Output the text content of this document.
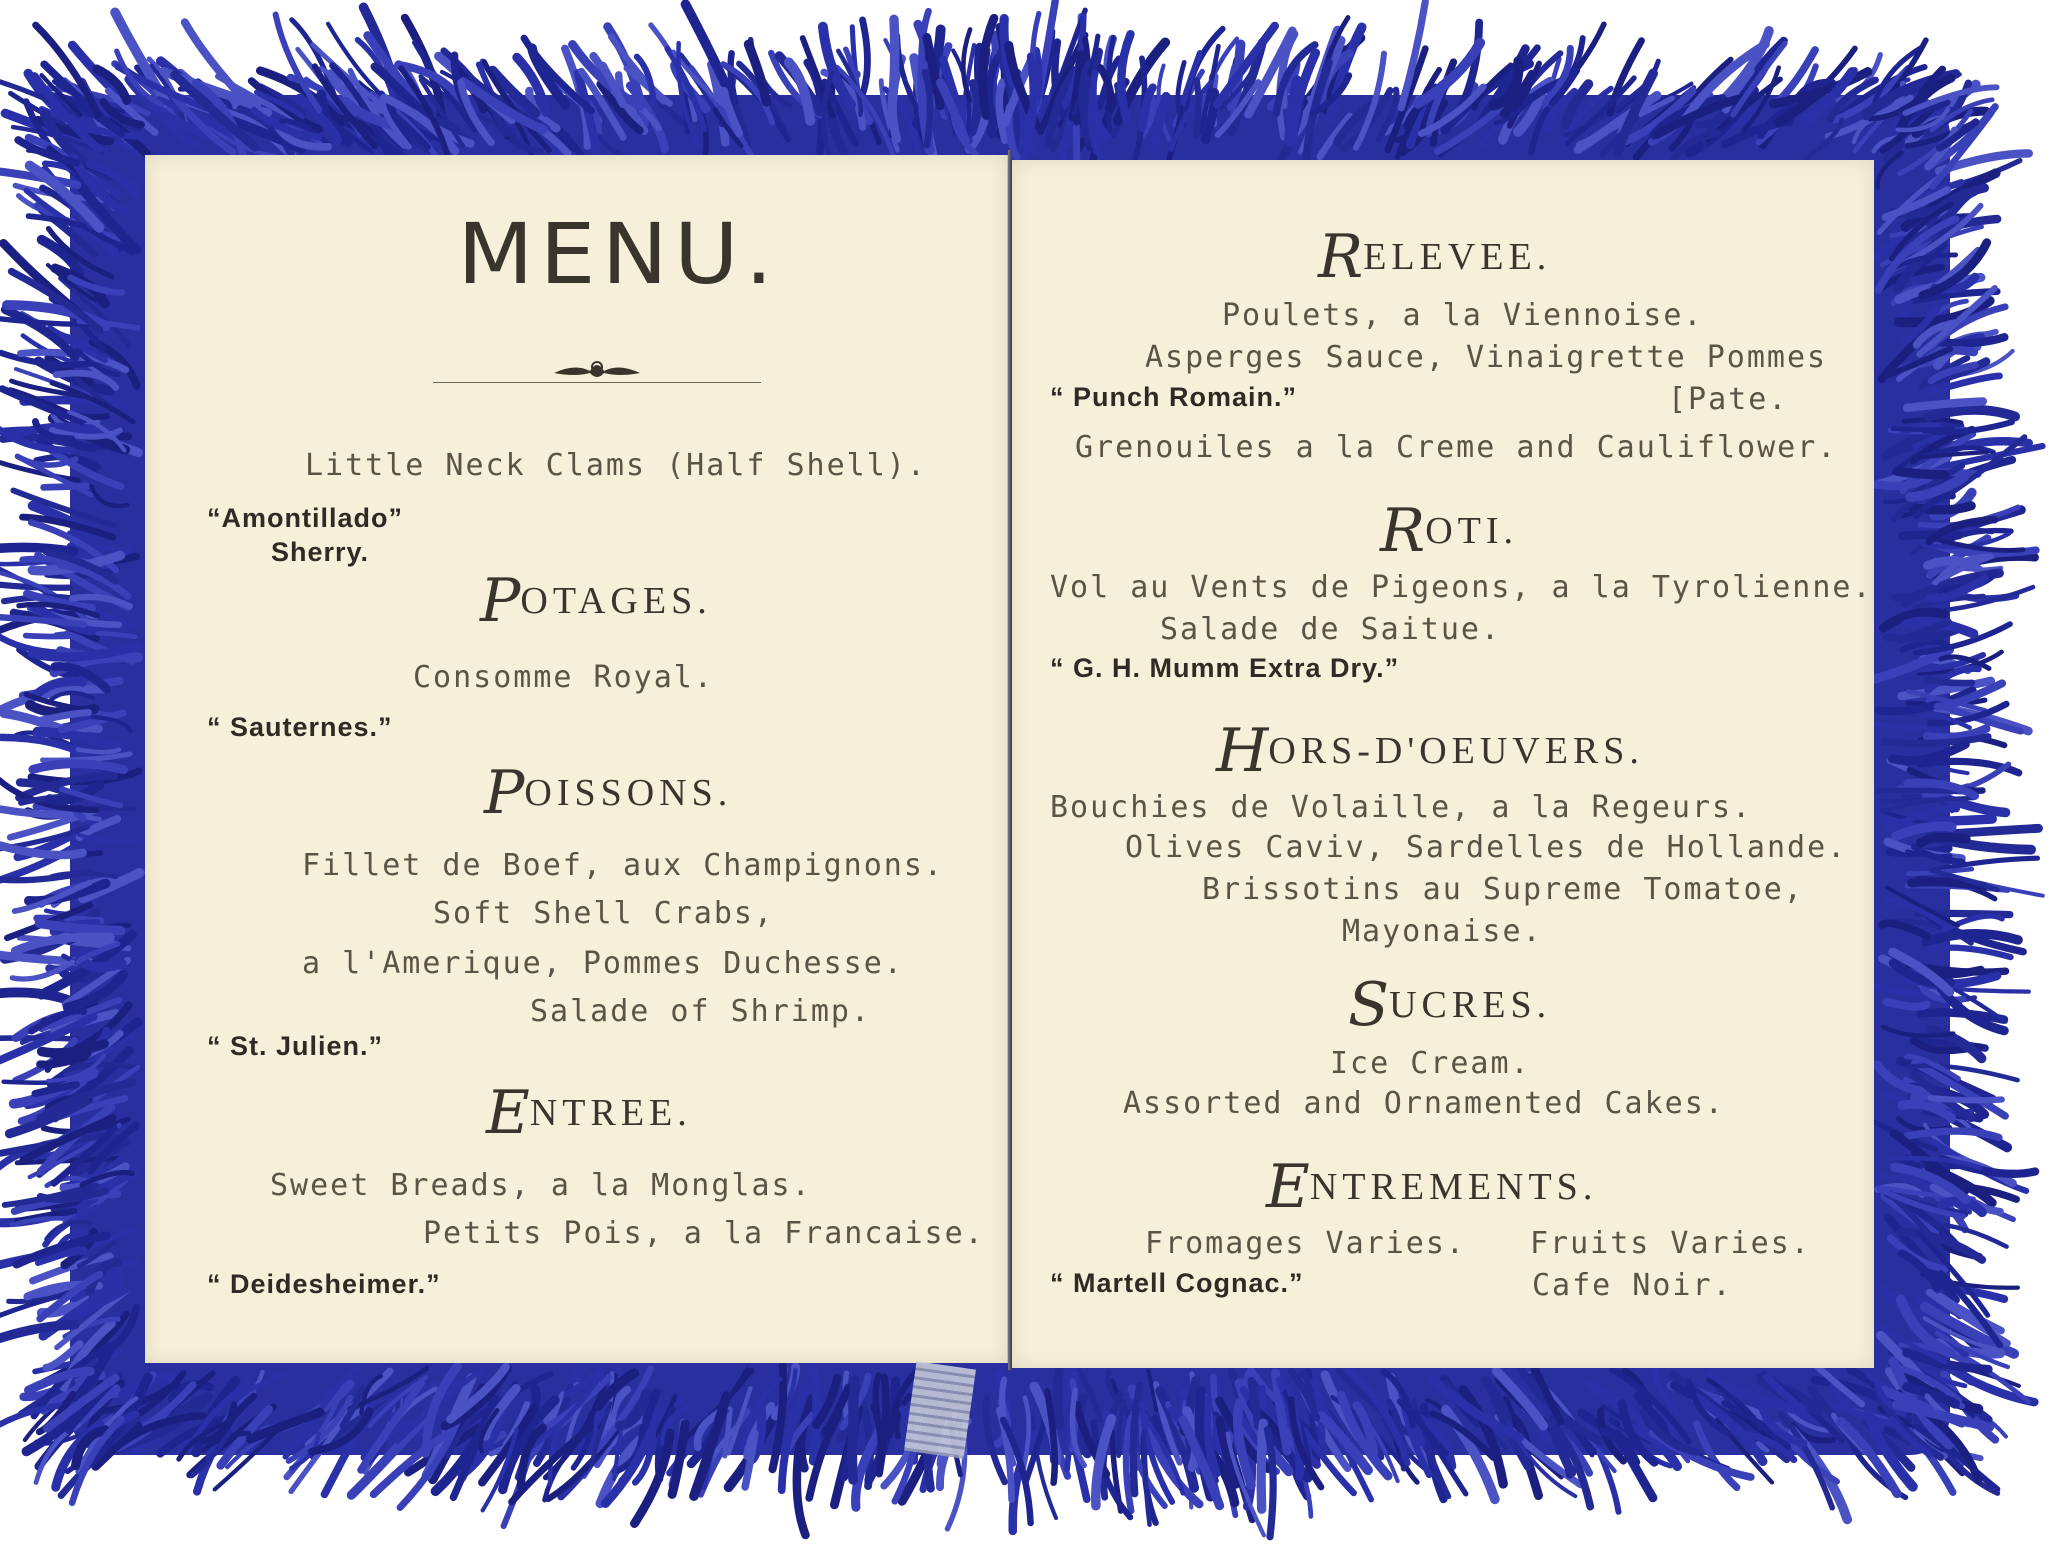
MENU.
Little Neck Clams (Half Shell).
“Amontillado”
Sherry.
POTAGES.
Consomme Royal.
“ Sauternes.”
POISSONS.
Fillet de Boef, aux Champignons.
Soft Shell Crabs,
a l'Amerique, Pommes Duchesse.
Salade of Shrimp.
“ St. Julien.”
ENTREE.
Sweet Breads, a la Monglas.
Petits Pois, a la Francaise.
“ Deidesheimer.”
RELEVEE.
Poulets, a la Viennoise.
Asperges Sauce, Vinaigrette Pommes
“ Punch Romain.”	[Pate.
Grenouiles a la Creme and Cauliflower.
ROTI.
Vol au Vents de Pigeons, a la Tyrolienne.
Salade de Saitue.
“ G. H. Mumm Extra Dry.”
HORS-D'OEUVERS.
Bouchies de Volaille, a la Regeurs.
Olives Caviv, Sardelles de Hollande.
Brissotins au Supreme Tomatoe,
Mayonaise.
SUCRES.
Ice Cream.
Assorted and Ornamented Cakes.
ENTREMENTS.
Fromages Varies. Fruits Varies.
“ Martell Cognac.”	Cafe Noir.
